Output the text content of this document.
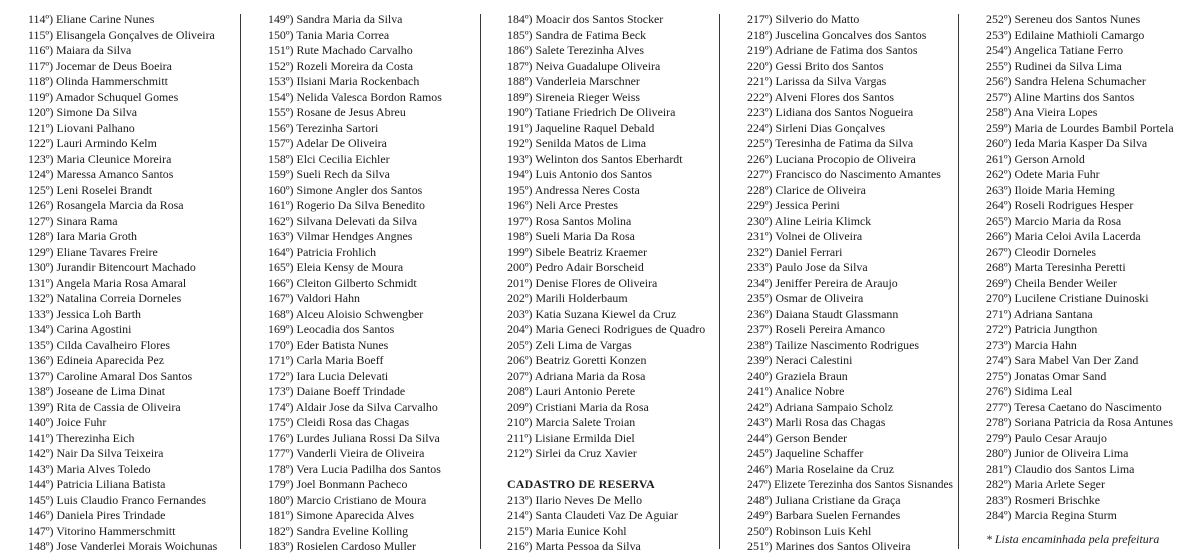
114º) Eliane Carine Nunes
115º) Elisangela Gonçalves de Oliveira
116º) Maiara da Silva
117º) Jocemar de Deus Boeira
118º) Olinda Hammerschmitt
119º) Amador Schuquel Gomes
120º) Simone Da Silva
121º) Liovani Palhano
122º) Lauri Armindo Kelm
123º) Maria Cleunice Moreira
124º) Maressa Amanco Santos
125º) Leni Roselei Brandt
126º) Rosangela Marcia da Rosa
127º) Sinara Rama
128º) Iara Maria Groth
129º) Eliane Tavares Freire
130º) Jurandir Bitencourt Machado
131º) Angela Maria Rosa Amaral
132º) Natalina Correia Dorneles
133º) Jessica Loh Barth
134º) Carina Agostini
135º) Cilda Cavalheiro Flores
136º) Edineia Aparecida Pez
137º) Caroline Amaral Dos Santos
138º) Joseane de Lima Dinat
139º) Rita de Cassia de Oliveira
140º) Joice Fuhr
141º) Therezinha Eich
142º) Nair Da Silva Teixeira
143º) Maria Alves Toledo
144º) Patricia Liliana Batista
145º) Luis Claudio Franco Fernandes
146º) Daniela Pires Trindade
147º) Vitorino Hammerschmitt
148º) Jose Vanderlei Morais Woichunas
149º) Sandra Maria da Silva
150º) Tania Maria Correa
151º) Rute Machado Carvalho
152º) Rozeli Moreira da Costa
153º) Ilsiani Maria Rockenbach
154º) Nelida Valesca Bordon Ramos
155º) Rosane de Jesus Abreu
156º) Terezinha Sartori
157º) Adelar De Oliveira
158º) Elci Cecilia Eichler
159º) Sueli Rech da Silva
160º) Simone Angler dos Santos
161º) Rogerio Da Silva Benedito
162º) Silvana Delevati da Silva
163º) Vilmar Hendges Angnes
164º) Patricia Frohlich
165º) Eleia Kensy de Moura
166º) Cleiton Gilberto Schmidt
167º) Valdori Hahn
168º) Alceu Aloisio Schwengber
169º) Leocadia dos Santos
170º) Eder Batista Nunes
171º) Carla Maria Boeff
172º) Iara Lucia Delevati
173º) Daiane Boeff Trindade
174º) Aldair Jose da Silva Carvalho
175º) Cleidi Rosa das Chagas
176º) Lurdes Juliana Rossi Da Silva
177º) Vanderli Vieira de Oliveira
178º) Vera Lucia Padilha dos Santos
179º) Joel Bonmann Pacheco
180º) Marcio Cristiano de Moura
181º) Simone Aparecida Alves
182º) Sandra Eveline Kolling
183º) Rosielen Cardoso Muller
184º) Moacir dos Santos Stocker
185º) Sandra de Fatima Beck
186º) Salete Terezinha Alves
187º) Neiva Guadalupe Oliveira
188º) Vanderleia Marschner
189º) Sireneia Rieger Weiss
190º) Tatiane Friedrich De Oliveira
191º) Jaqueline Raquel Debald
192º) Senilda Matos de Lima
193º) Welinton dos Santos Eberhardt
194º) Luis Antonio dos Santos
195º) Andressa Neres Costa
196º) Neli Arce Prestes
197º) Rosa Santos Molina
198º) Sueli Maria Da Rosa
199º) Sibele Beatriz Kraemer
200º) Pedro Adair Borscheid
201º) Denise Flores de Oliveira
202º) Marili Holderbaum
203º) Katia Suzana Kiewel da Cruz
204º) Maria Geneci Rodrigues de Quadro
205º) Zeli Lima de Vargas
206º) Beatriz Goretti Konzen
207º) Adriana Maria da Rosa
208º) Lauri Antonio Perete
209º) Cristiani Maria da Rosa
210º) Marcia Salete Troian
211º) Lisiane Ermilda Diel
212º) Sirlei da Cruz Xavier
CADASTRO DE RESERVA
213º) Ilario Neves De Mello
214º) Santa Claudeti Vaz De Aguiar
215º) Maria Eunice Kohl
216º) Marta Pessoa da Silva
217º) Silverio do Matto
218º) Juscelina Goncalves dos Santos
219º) Adriane de Fatima dos Santos
220º) Gessi Brito dos Santos
221º) Larissa da Silva Vargas
222º) Alveni Flores dos Santos
223º) Lidiana dos Santos Nogueira
224º) Sirleni Dias Gonçalves
225º) Teresinha de Fatima da Silva
226º) Luciana Procopio de Oliveira
227º) Francisco do Nascimento Amantes
228º) Clarice de Oliveira
229º) Jessica Perini
230º) Aline Leiria Klimck
231º) Volnei de Oliveira
232º) Daniel Ferrari
233º) Paulo Jose da Silva
234º) Jeniffer Pereira de Araujo
235º) Osmar de Oliveira
236º) Daiana Staudt Glassmann
237º) Roseli Pereira Amanco
238º) Tailize Nascimento Rodrigues
239º) Neraci Calestini
240º) Graziela Braun
241º) Analice Nobre
242º) Adriana Sampaio Scholz
243º) Marli Rosa das Chagas
244º) Gerson Bender
245º) Jaqueline Schaffer
246º) Maria Roselaine da Cruz
247º) Elizete Terezinha dos Santos Sisnandes
248º) Juliana Cristiane da Graça
249º) Barbara Suelen Fernandes
250º) Robinson Luis Kehl
251º) Marines dos Santos Oliveira
252º) Sereneu dos Santos Nunes
253º) Edilaine Mathioli Camargo
254º) Angelica Tatiane Ferro
255º) Rudinei da Silva Lima
256º) Sandra Helena Schumacher
257º) Aline Martins dos Santos
258º) Ana Vieira Lopes
259º) Maria de Lourdes Bambil Portela
260º) Ieda Maria Kasper Da Silva
261º) Gerson Arnold
262º) Odete Maria Fuhr
263º) Iloide Maria Heming
264º) Roseli Rodrigues Hesper
265º) Marcio Maria da Rosa
266º) Maria Celoi Avila Lacerda
267º) Cleodir Dorneles
268º) Marta Teresinha Peretti
269º) Cheila Bender Weiler
270º) Lucilene Cristiane Duinoski
271º) Adriana Santana
272º) Patricia Jungthon
273º) Marcia Hahn
274º) Sara Mabel Van Der Zand
275º) Jonatas Omar Sand
276º) Sidima Leal
277º) Teresa Caetano do Nascimento
278º) Soriana Patricia da Rosa Antunes
279º) Paulo Cesar Araujo
280º) Junior de Oliveira Lima
281º) Claudio dos Santos Lima
282º) Maria Arlete Seger
283º) Rosmeri Brischke
284º) Marcia Regina Sturm
* Lista encaminhada pela prefeitura
